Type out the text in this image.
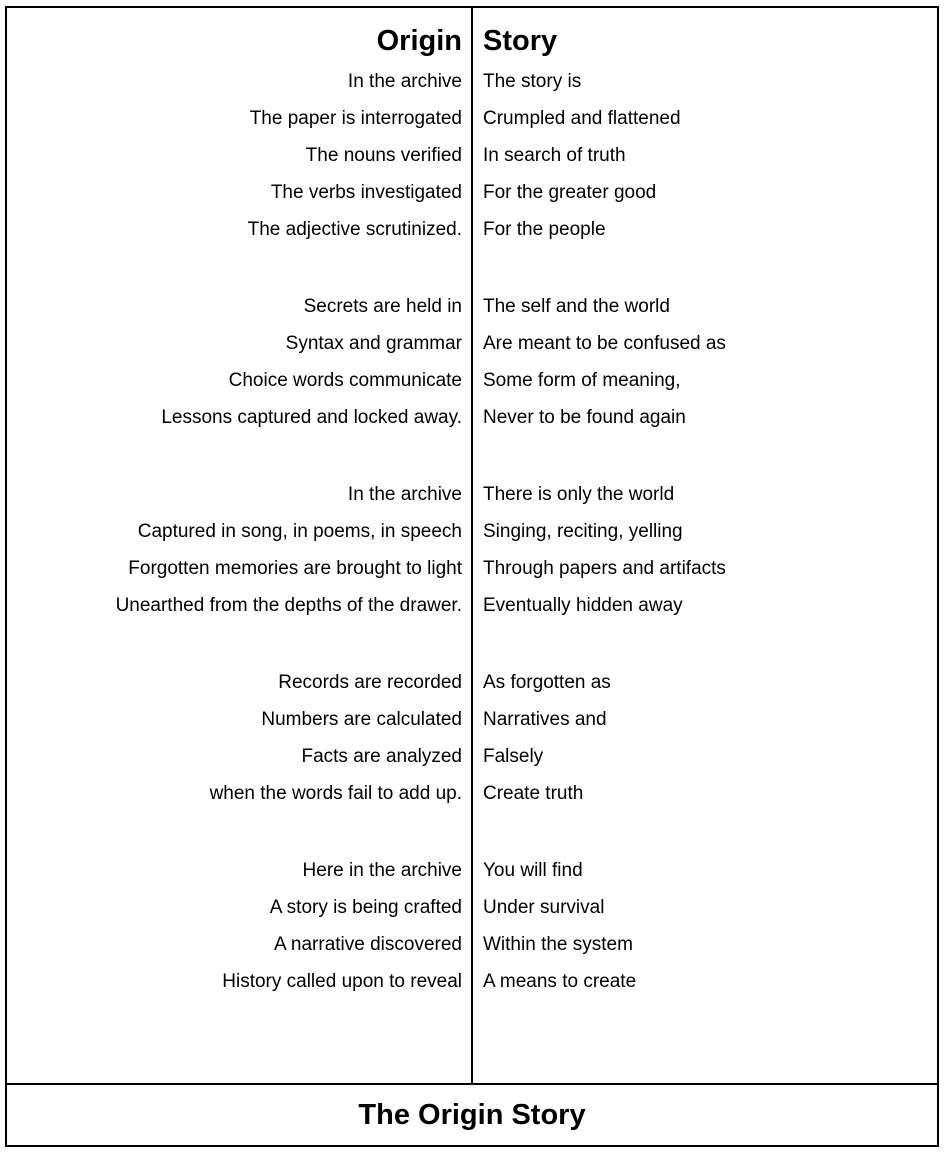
Origin
In the archive
The paper is interrogated
The nouns verified
The verbs investigated
The adjective scrutinized.
Secrets are held in
Syntax and grammar
Choice words communicate
Lessons captured and locked away.
In the archive
Captured in song, in poems, in speech
Forgotten memories are brought to light
Unearthed from the depths of the drawer.
Records are recorded
Numbers are calculated
Facts are analyzed
when the words fail to add up.
Here in the archive
A story is being crafted
A narrative discovered
History called upon to reveal
Story
The story is
Crumpled and flattened
In search of truth
For the greater good
For the people
The self and the world
Are meant to be confused as
Some form of meaning,
Never to be found again
There is only the world
Singing, reciting, yelling
Through papers and artifacts
Eventually hidden away
As forgotten as
Narratives and
Falsely
Create truth
You will find
Under survival
Within the system
A means to create
The Origin Story
